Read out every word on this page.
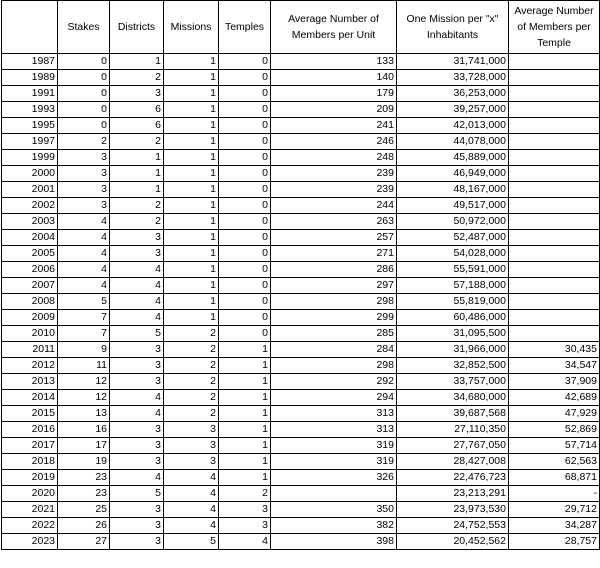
	Stakes	Districts	Missions	Temples	Average Number of Members per Unit	One Mission per "x" Inhabitants	Average Number of Members per Temple
1987	0	1	1	0	133	31,741,000	
1989	0	2	1	0	140	33,728,000	
1991	0	3	1	0	179	36,253,000	
1993	0	6	1	0	209	39,257,000	
1995	0	6	1	0	241	42,013,000	
1997	2	2	1	0	246	44,078,000	
1999	3	1	1	0	248	45,889,000	
2000	3	1	1	0	239	46,949,000	
2001	3	1	1	0	239	48,167,000	
2002	3	2	1	0	244	49,517,000	
2003	4	2	1	0	263	50,972,000	
2004	4	3	1	0	257	52,487,000	
2005	4	3	1	0	271	54,028,000	
2006	4	4	1	0	286	55,591,000	
2007	4	4	1	0	297	57,188,000	
2008	5	4	1	0	298	55,819,000	
2009	7	4	1	0	299	60,486,000	
2010	7	5	2	0	285	31,095,500	
2011	9	3	2	1	284	31,966,000	30,435
2012	11	3	2	1	298	32,852,500	34,547
2013	12	3	2	1	292	33,757,000	37,909
2014	12	4	2	1	294	34,680,000	42,689
2015	13	4	2	1	313	39,687,568	47,929
2016	16	3	3	1	313	27,110,350	52,869
2017	17	3	3	1	319	27,767,050	57,714
2018	19	3	3	1	319	28,427,008	62,563
2019	23	4	4	1	326	22,476,723	68,871
2020	23	5	4	2		23,213,291	-
2021	25	3	4	3	350	23,973,530	29,712
2022	26	3	4	3	382	24,752,553	34,287
2023	27	3	5	4	398	20,452,562	28,757
